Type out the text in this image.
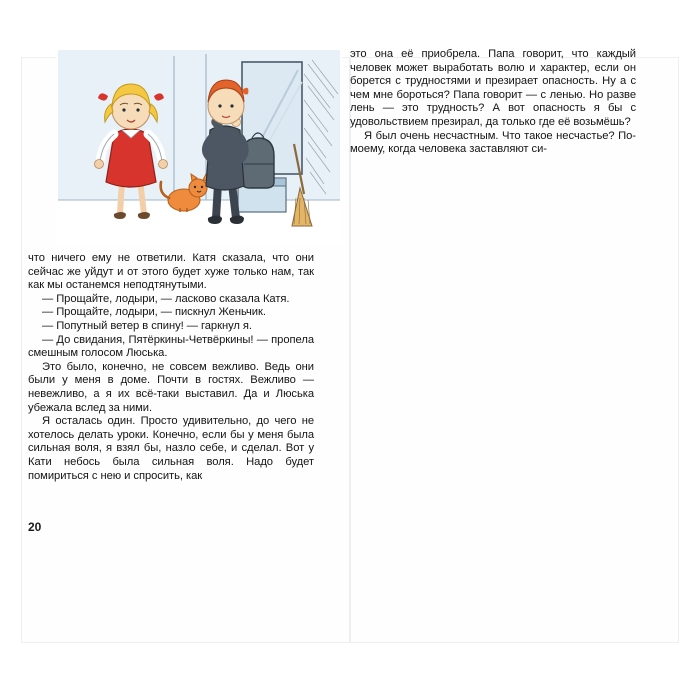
что ничего ему не ответили. Катя сказала, что они сейчас же уйдут и от этого будет хуже только нам, так как мы останемся неподтянутыми.

— Прощайте, лодыри, — ласково сказала Катя.

— Прощайте, лодыри, — пискнул Женьчик.

— Попутный ветер в спину! — гаркнул я.

— До свидания, Пятёркины-Четвёркины! — пропела смешным голосом Люська.

Это было, конечно, не совсем вежливо. Ведь они были у меня в доме. Почти в гостях. Вежливо — невежливо, а я их всё-таки выставил. Да и Люська убежала вслед за ними.

Я осталась один. Просто удивительно, до чего не хотелось делать уроки. Конечно, если бы у меня была сильная воля, я взял бы, назло себе, и сделал. Вот у Кати небось была сильная воля. Надо будет помириться с нею и спросить, как

20

это она её приобрела. Папа говорит, что каждый человек может выработать волю и характер, если он борется с трудностями и презирает опасность. Ну а с чем мне бороться? Папа говорит — с ленью. Но разве лень — это трудность? А вот опасность я бы с удовольствием презирал, да только где её возьмёшь?

Я был очень несчастным. Что такое несчастье? По-моему, когда человека заставляют си-
